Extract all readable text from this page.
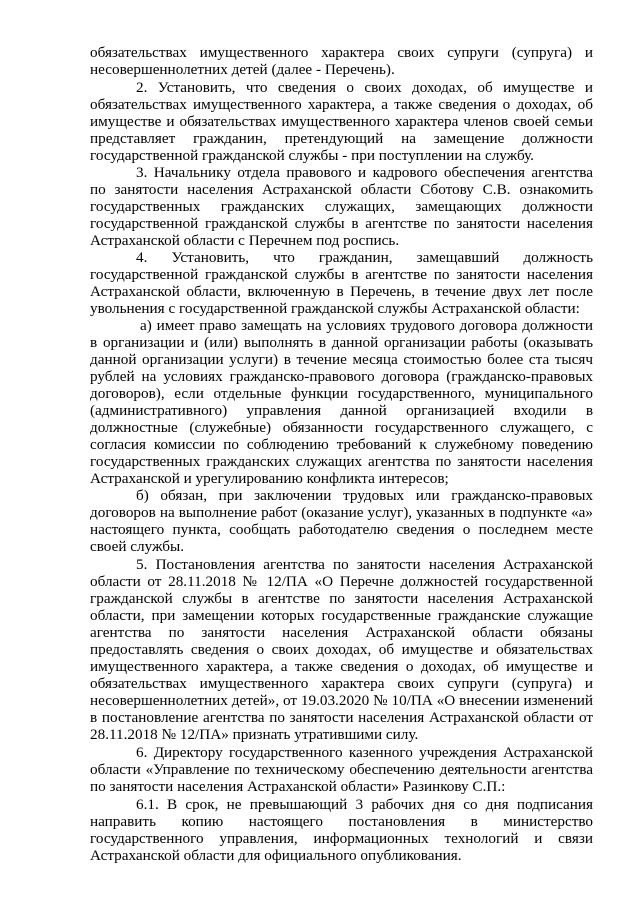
обязательствах имущественного характера своих супруги (супруга) и несовершеннолетних детей (далее - Перечень).

2. Установить, что сведения о своих доходах, об имуществе и обязательствах имущественного характера, а также сведения о доходах, об имуществе и обязательствах имущественного характера членов своей семьи представляет гражданин, претендующий на замещение должности государственной гражданской службы - при поступлении на службу.

3. Начальнику отдела правового и кадрового обеспечения агентства по занятости населения Астраханской области Сботову С.В. ознакомить государственных гражданских служащих, замещающих должности государственной гражданской службы в агентстве по занятости населения Астраханской области с Перечнем под роспись.

4. Установить, что гражданин, замещавший должность государственной гражданской службы в агентстве по занятости населения Астраханской области, включенную в Перечень, в течение двух лет после увольнения с государственной гражданской службы Астраханской области:

а) имеет право замещать на условиях трудового договора должности в организации и (или) выполнять в данной организации работы (оказывать данной организации услуги) в течение месяца стоимостью более ста тысяч рублей на условиях гражданско-правового договора (гражданско-правовых договоров), если отдельные функции государственного, муниципального (административного) управления данной организацией входили в должностные (служебные) обязанности государственного служащего, с согласия комиссии по соблюдению требований к служебному поведению государственных гражданских служащих агентства по занятости населения Астраханской и урегулированию конфликта интересов;

б) обязан, при заключении трудовых или гражданско-правовых договоров на выполнение работ (оказание услуг), указанных в подпункте «а» настоящего пункта, сообщать работодателю сведения о последнем месте своей службы.

5. Постановления агентства по занятости населения Астраханской области от 28.11.2018 № 12/ПА «О Перечне должностей государственной гражданской службы в агентстве по занятости населения Астраханской области, при замещении которых государственные гражданские служащие агентства по занятости населения Астраханской области обязаны предоставлять сведения о своих доходах, об имуществе и обязательствах имущественного характера, а также сведения о доходах, об имуществе и обязательствах имущественного характера своих супруги (супруга) и несовершеннолетних детей», от 19.03.2020 № 10/ПА «О внесении изменений в постановление агентства по занятости населения Астраханской области от 28.11.2018 № 12/ПА» признать утратившими силу.

6. Директору государственного казенного учреждения Астраханской области «Управление по техническому обеспечению деятельности агентства по занятости населения Астраханской области» Разинкову С.П.:

6.1. В срок, не превышающий 3 рабочих дня со дня подписания направить копию настоящего постановления в министерство государственного управления, информационных технологий и связи Астраханской области для официального опубликования.
